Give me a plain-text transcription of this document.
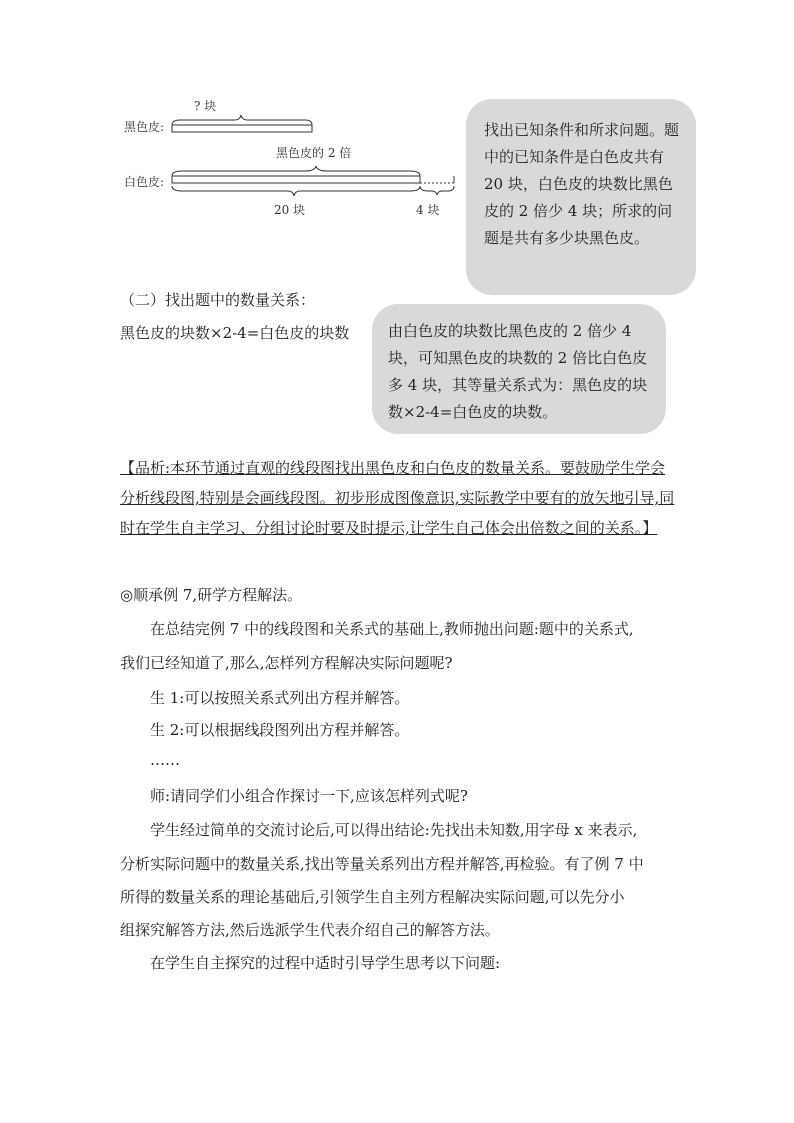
? 块
黑色皮:
黑色皮的 2 倍
白色皮:
20 块	4 块
找出已知条件和所求问题。题中的已知条件是白色皮共有 20 块，白色皮的块数比黑色皮的 2 倍少 4 块；所求的问题是共有多少块黑色皮。
（二）找出题中的数量关系：
黑色皮的块数×2-4=白色皮的块数	由白色皮的块数比黑色皮的 2 倍少 4 块，可知黑色皮的块数的 2 倍比白色皮多 4 块，其等量关系式为：黑色皮的块数×2-4=白色皮的块数。
【品析:本环节通过直观的线段图找出黑色皮和白色皮的数量关系。要鼓励学生学会分析线段图,特别是会画线段图。初步形成图像意识,实际教学中要有的放矢地引导,同时在学生自主学习、分组讨论时要及时提示,让学生自己体会出倍数之间的关系。】
◎顺承例 7,研学方程解法。
在总结完例 7 中的线段图和关系式的基础上,教师抛出问题:题中的关系式,
我们已经知道了,那么,怎样列方程解决实际问题呢?
生 1:可以按照关系式列出方程并解答。
生 2:可以根据线段图列出方程并解答。
……
师:请同学们小组合作探讨一下,应该怎样列式呢?
学生经过简单的交流讨论后,可以得出结论:先找出未知数,用字母 x 来表示,
分析实际问题中的数量关系,找出等量关系列出方程并解答,再检验。有了例 7 中
所得的数量关系的理论基础后,引领学生自主列方程解决实际问题,可以先分小
组探究解答方法,然后选派学生代表介绍自己的解答方法。
在学生自主探究的过程中适时引导学生思考以下问题:
